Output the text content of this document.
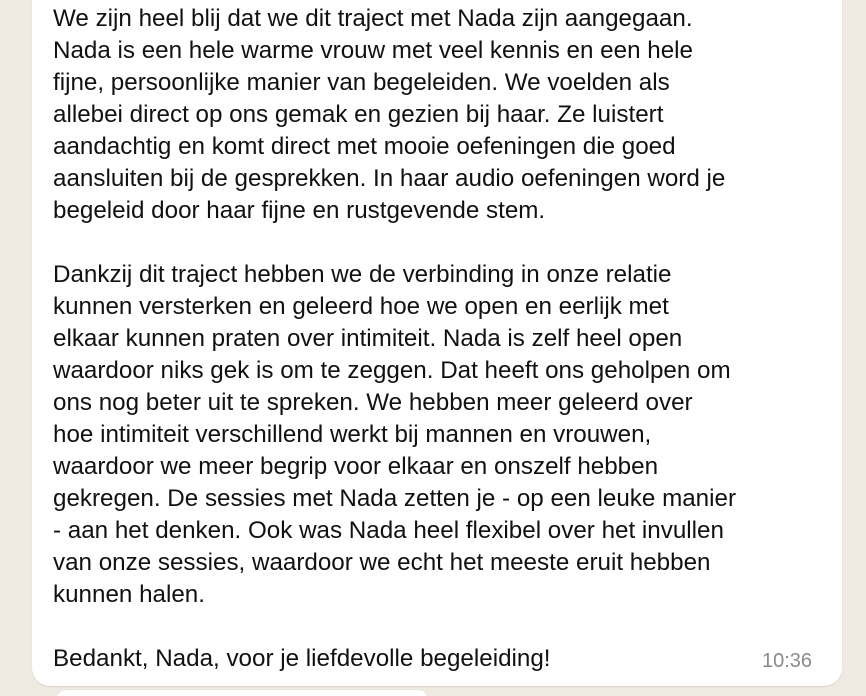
We zijn heel blij dat we dit traject met Nada zijn aangegaan.
Nada is een hele warme vrouw met veel kennis en een hele
fijne, persoonlijke manier van begeleiden. We voelden als
allebei direct op ons gemak en gezien bij haar. Ze luistert
aandachtig en komt direct met mooie oefeningen die goed
aansluiten bij de gesprekken. In haar audio oefeningen word je
begeleid door haar fijne en rustgevende stem.

Dankzij dit traject hebben we de verbinding in onze relatie
kunnen versterken en geleerd hoe we open en eerlijk met
elkaar kunnen praten over intimiteit. Nada is zelf heel open
waardoor niks gek is om te zeggen. Dat heeft ons geholpen om
ons nog beter uit te spreken. We hebben meer geleerd over
hoe intimiteit verschillend werkt bij mannen en vrouwen,
waardoor we meer begrip voor elkaar en onszelf hebben
gekregen. De sessies met Nada zetten je - op een leuke manier
- aan het denken. Ook was Nada heel flexibel over het invullen
van onze sessies, waardoor we echt het meeste eruit hebben
kunnen halen.

Bedankt, Nada, voor je liefdevolle begeleiding!	10:36
